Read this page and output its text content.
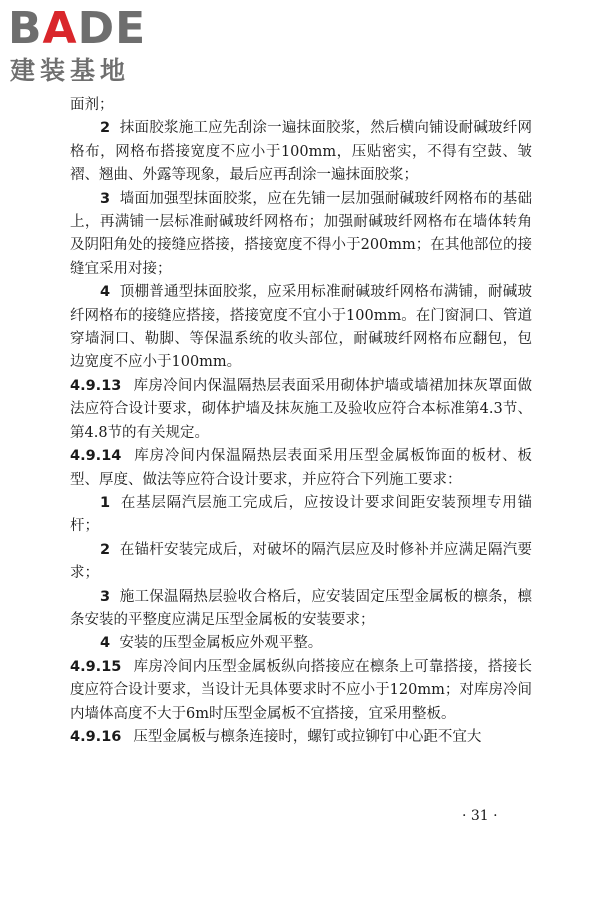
BADE
建装基地

面剂；

2 抹面胶浆施工应先刮涂一遍抹面胶浆，然后横向铺设耐碱玻纤网格布，网格布搭接宽度不应小于100mm，压贴密实，不得有空鼓、皱褶、翘曲、外露等现象，最后应再刮涂一遍抹面胶浆；

3 墙面加强型抹面胶浆，应在先铺一层加强耐碱玻纤网格布的基础上，再满铺一层标准耐碱玻纤网格布；加强耐碱玻纤网格布在墙体转角及阴阳角处的接缝应搭接，搭接宽度不得小于200mm；在其他部位的接缝宜采用对接；

4 顶棚普通型抹面胶浆，应采用标准耐碱玻纤网格布满铺，耐碱玻纤网格布的接缝应搭接，搭接宽度不宜小于100mm。在门窗洞口、管道穿墙洞口、勒脚、等保温系统的收头部位，耐碱玻纤网格布应翻包，包边宽度不应小于100mm。

4.9.13 库房冷间内保温隔热层表面采用砌体护墙或墙裙加抹灰罩面做法应符合设计要求，砌体护墙及抹灰施工及验收应符合本标准第4.3节、第4.8节的有关规定。

4.9.14 库房冷间内保温隔热层表面采用压型金属板饰面的板材、板型、厚度、做法等应符合设计要求，并应符合下列施工要求：

1 在基层隔汽层施工完成后，应按设计要求间距安装预埋专用锚杆；

2 在锚杆安装完成后，对破坏的隔汽层应及时修补并应满足隔汽要求；

3 施工保温隔热层验收合格后，应安装固定压型金属板的檩条，檩条安装的平整度应满足压型金属板的安装要求；

4 安装的压型金属板应外观平整。

4.9.15 库房冷间内压型金属板纵向搭接应在檩条上可靠搭接，搭接长度应符合设计要求，当设计无具体要求时不应小于120mm；对库房冷间内墙体高度不大于6m时压型金属板不宜搭接，宜采用整板。

4.9.16 压型金属板与檩条连接时，螺钉或拉铆钉中心距不宜大

· 31 ·
